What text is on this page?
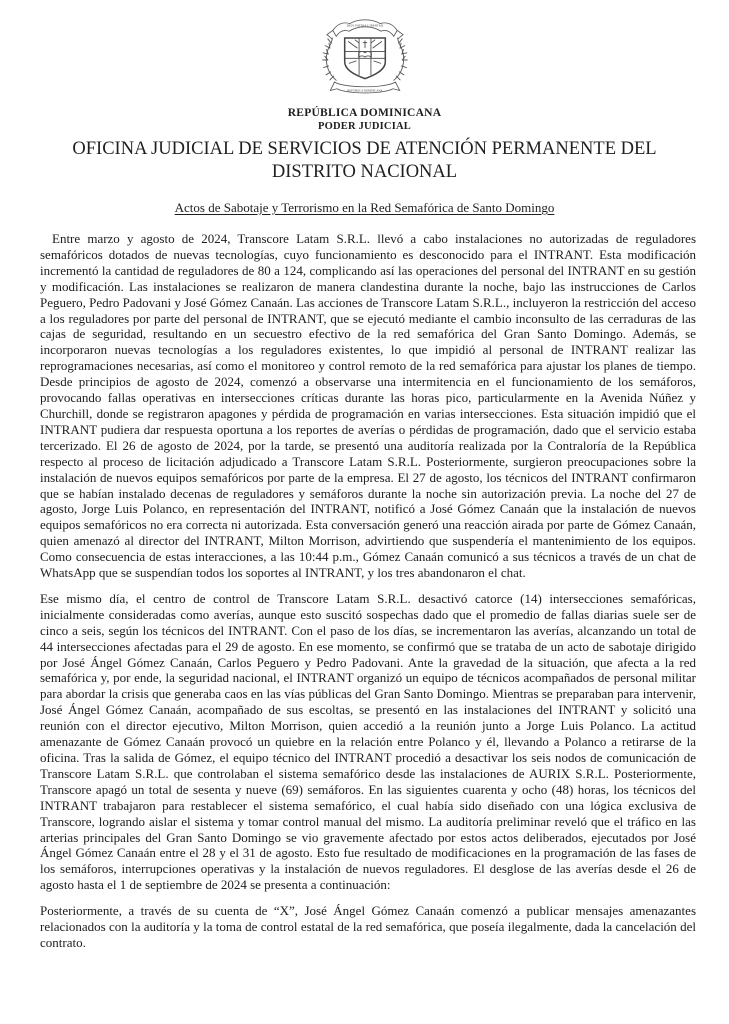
DIOS PATRIA LIBERTAD
REPÚBLICA DOMINICANA
REPÚBLICA DOMINICANA
PODER JUDICIAL
OFICINA JUDICIAL DE SERVICIOS DE ATENCIÓN PERMANENTE DEL DISTRITO NACIONAL
Actos de Sabotaje y Terrorismo en la Red Semafórica de Santo Domingo

Entre marzo y agosto de 2024, Transcore Latam S.R.L. llevó a cabo instalaciones no autorizadas de reguladores semafóricos dotados de nuevas tecnologías, cuyo funcionamiento es desconocido para el INTRANT. Esta modificación incrementó la cantidad de reguladores de 80 a 124, complicando así las operaciones del personal del INTRANT en su gestión y modificación. Las instalaciones se realizaron de manera clandestina durante la noche, bajo las instrucciones de Carlos Peguero, Pedro Padovani y José Gómez Canaán. Las acciones de Transcore Latam S.R.L., incluyeron la restricción del acceso a los reguladores por parte del personal de INTRANT, que se ejecutó mediante el cambio inconsulto de las cerraduras de las cajas de seguridad, resultando en un secuestro efectivo de la red semafórica del Gran Santo Domingo. Además, se incorporaron nuevas tecnologías a los reguladores existentes, lo que impidió al personal de INTRANT realizar las reprogramaciones necesarias, así como el monitoreo y control remoto de la red semafórica para ajustar los planes de tiempo. Desde principios de agosto de 2024, comenzó a observarse una intermitencia en el funcionamiento de los semáforos, provocando fallas operativas en intersecciones críticas durante las horas pico, particularmente en la Avenida Núñez y Churchill, donde se registraron apagones y pérdida de programación en varias intersecciones. Esta situación impidió que el INTRANT pudiera dar respuesta oportuna a los reportes de averías o pérdidas de programación, dado que el servicio estaba tercerizado. El 26 de agosto de 2024, por la tarde, se presentó una auditoría realizada por la Contraloría de la República respecto al proceso de licitación adjudicado a Transcore Latam S.R.L. Posteriormente, surgieron preocupaciones sobre la instalación de nuevos equipos semafóricos por parte de la empresa. El 27 de agosto, los técnicos del INTRANT confirmaron que se habían instalado decenas de reguladores y semáforos durante la noche sin autorización previa. La noche del 27 de agosto, Jorge Luis Polanco, en representación del INTRANT, notificó a José Gómez Canaán que la instalación de nuevos equipos semafóricos no era correcta ni autorizada. Esta conversación generó una reacción airada por parte de Gómez Canaán, quien amenazó al director del INTRANT, Milton Morrison, advirtiendo que suspendería el mantenimiento de los equipos. Como consecuencia de estas interacciones, a las 10:44 p.m., Gómez Canaán comunicó a sus técnicos a través de un chat de WhatsApp que se suspendían todos los soportes al INTRANT, y los tres abandonaron el chat.

Ese mismo día, el centro de control de Transcore Latam S.R.L. desactivó catorce (14) intersecciones semafóricas, inicialmente consideradas como averías, aunque esto suscitó sospechas dado que el promedio de fallas diarias suele ser de cinco a seis, según los técnicos del INTRANT. Con el paso de los días, se incrementaron las averías, alcanzando un total de 44 intersecciones afectadas para el 29 de agosto. En ese momento, se confirmó que se trataba de un acto de sabotaje dirigido por José Ángel Gómez Canaán, Carlos Peguero y Pedro Padovani. Ante la gravedad de la situación, que afecta a la red semafórica y, por ende, la seguridad nacional, el INTRANT organizó un equipo de técnicos acompañados de personal militar para abordar la crisis que generaba caos en las vías públicas del Gran Santo Domingo. Mientras se preparaban para intervenir, José Ángel Gómez Canaán, acompañado de sus escoltas, se presentó en las instalaciones del INTRANT y solicitó una reunión con el director ejecutivo, Milton Morrison, quien accedió a la reunión junto a Jorge Luis Polanco. La actitud amenazante de Gómez Canaán provocó un quiebre en la relación entre Polanco y él, llevando a Polanco a retirarse de la oficina. Tras la salida de Gómez, el equipo técnico del INTRANT procedió a desactivar los seis nodos de comunicación de Transcore Latam S.R.L. que controlaban el sistema semafórico desde las instalaciones de AURIX S.R.L. Posteriormente, Transcore apagó un total de sesenta y nueve (69) semáforos. En las siguientes cuarenta y ocho (48) horas, los técnicos del INTRANT trabajaron para restablecer el sistema semafórico, el cual había sido diseñado con una lógica exclusiva de Transcore, logrando aislar el sistema y tomar control manual del mismo. La auditoría preliminar reveló que el tráfico en las arterias principales del Gran Santo Domingo se vio gravemente afectado por estos actos deliberados, ejecutados por José Ángel Gómez Canaán entre el 28 y el 31 de agosto. Esto fue resultado de modificaciones en la programación de las fases de los semáforos, interrupciones operativas y la instalación de nuevos reguladores. El desglose de las averías desde el 26 de agosto hasta el 1 de septiembre de 2024 se presenta a continuación:

Posteriormente, a través de su cuenta de “X”, José Ángel Gómez Canaán comenzó a publicar mensajes amenazantes relacionados con la auditoría y la toma de control estatal de la red semafórica, que poseía ilegalmente, dada la cancelación del contrato.
